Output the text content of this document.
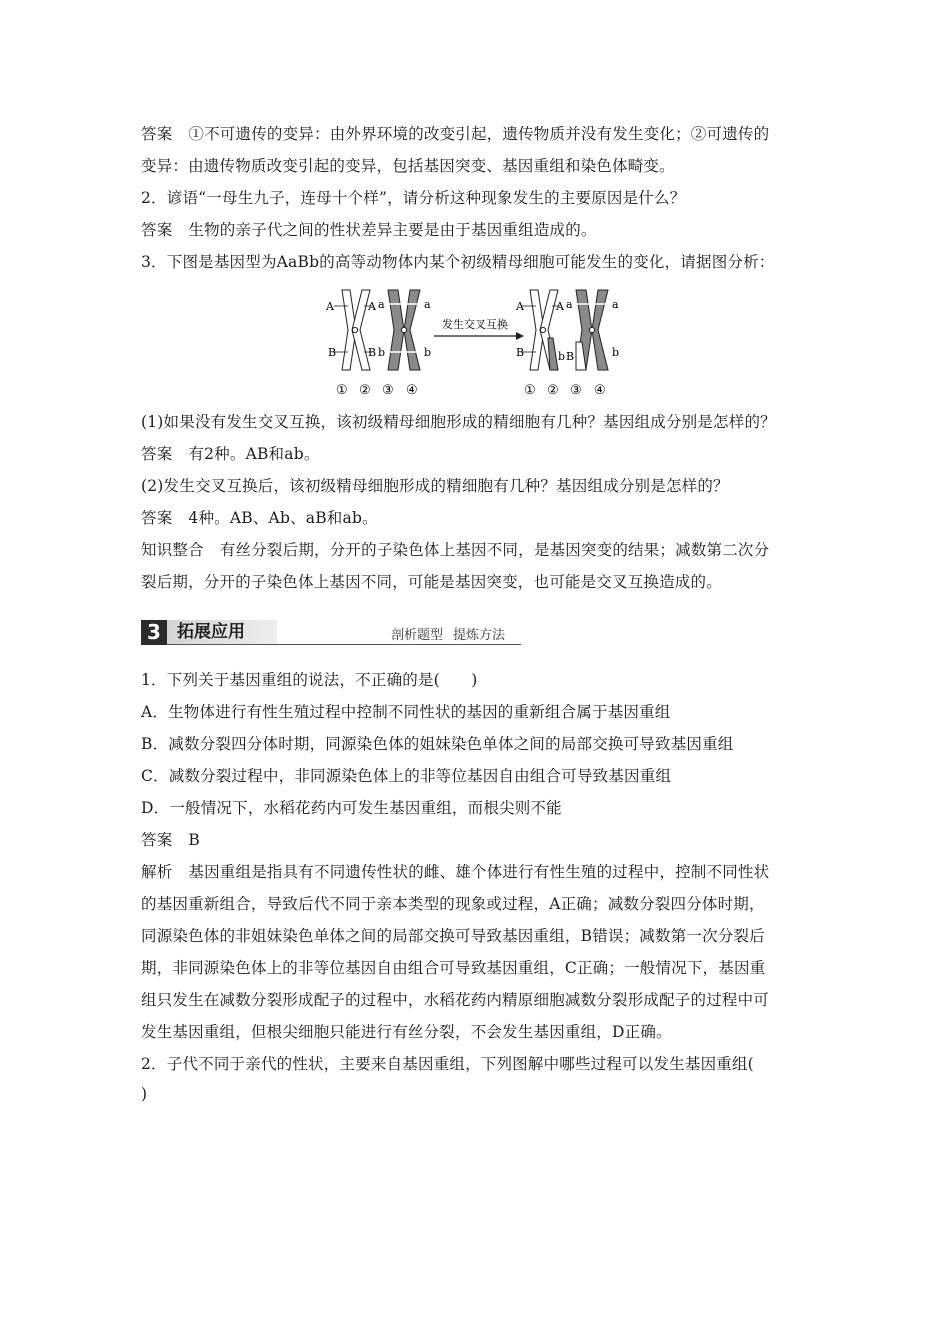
答案 ①不可遗传的变异：由外界环境的改变引起，遗传物质并没有发生变化；②可遗传的
变异：由遗传物质改变引起的变异，包括基因突变、基因重组和染色体畸变。
2．谚语“一母生九子，连母十个样”，请分析这种现象发生的主要原因是什么？
答案 生物的亲子代之间的性状差异主要是由于基因重组造成的。
3．下图是基因型为AaBb的高等动物体内某个初级精母细胞可能发生的变化，请据图分析：
A	A a	a
B	B b	b
① ② ③ ④
发生交叉互换
A	A a	a
B	b B	b
① ② ③ ④
(1)如果没有发生交叉互换，该初级精母细胞形成的精细胞有几种？基因组成分别是怎样的？
答案 有2种。AB和ab。
(2)发生交叉互换后，该初级精母细胞形成的精细胞有几种？基因组成分别是怎样的？
答案 4种。AB、Ab、aB和ab。
知识整合 有丝分裂后期，分开的子染色体上基因不同，是基因突变的结果；减数第二次分
裂后期，分开的子染色体上基因不同，可能是基因突变，也可能是交叉互换造成的。
3 拓展应用	剖析题型 提炼方法
1．下列关于基因重组的说法，不正确的是(　　)
A．生物体进行有性生殖过程中控制不同性状的基因的重新组合属于基因重组
B．减数分裂四分体时期，同源染色体的姐妹染色单体之间的局部交换可导致基因重组
C．减数分裂过程中，非同源染色体上的非等位基因自由组合可导致基因重组
D．一般情况下，水稻花药内可发生基因重组，而根尖则不能
答案 B
解析 基因重组是指具有不同遗传性状的雌、雄个体进行有性生殖的过程中，控制不同性状
的基因重新组合，导致后代不同于亲本类型的现象或过程，A正确；减数分裂四分体时期，
同源染色体的非姐妹染色单体之间的局部交换可导致基因重组，B错误；减数第一次分裂后
期，非同源染色体上的非等位基因自由组合可导致基因重组，C正确；一般情况下，基因重
组只发生在减数分裂形成配子的过程中，水稻花药内精原细胞减数分裂形成配子的过程中可
发生基因重组，但根尖细胞只能进行有丝分裂，不会发生基因重组，D正确。
2．子代不同于亲代的性状，主要来自基因重组，下列图解中哪些过程可以发生基因重组(
)
